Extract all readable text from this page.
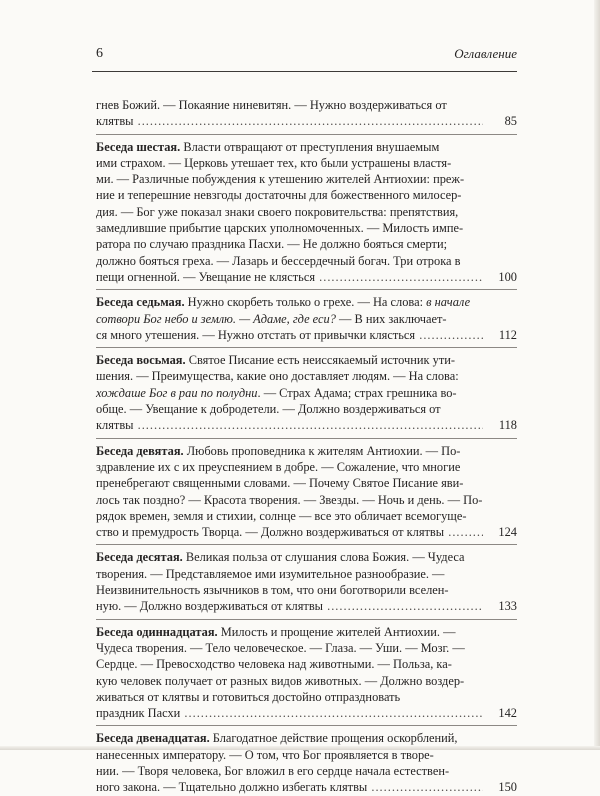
6	Оглавление
гнев Божий. — Покаяние ниневитян. — Нужно воздерживаться от
клятвы .....	85
Беседа шестая. Власти отвращают от преступления внушаемым
ими страхом. — Церковь утешает тех, кто были устрашены властя-
ми. — Различные побуждения к утешению жителей Антиохии: преж-
ние и теперешние невзгоды достаточны для божественного милосер-
дия. — Бог уже показал знаки своего покровительства: препятствия,
замедлившие прибытие царских уполномоченных. — Милость импе-
ратора по случаю праздника Пасхи. — Не должно бояться смерти;
должно бояться греха. — Лазарь и бессердечный богач. Три отрока в
пещи огненной. — Увещание не клясться .....	100
Беседа седьмая. Нужно скорбеть только о грехе. — На слова: в начале
сотвори Бог небо и землю. — Адаме, где еси? — В них заключает-
ся много утешения. — Нужно отстать от привычки клясться .....	112
Беседа восьмая. Святое Писание есть неиссякаемый источник ути-
шения. — Преимущества, какие оно доставляет людям. — На слова:
хождаше Бог в раи по полудни. — Страх Адама; страх грешника во-
обще. — Увещание к добродетели. — Должно воздерживаться от
клятвы .....	118
Беседа девятая. Любовь проповедника к жителям Антиохии. — По-
здравление их с их преуспеянием в добре. — Сожаление, что многие
пренебрегают священными словами. — Почему Святое Писание яви-
лось так поздно? — Красота творения. — Звезды. — Ночь и день. — По-
рядок времен, земля и стихии, солнце — все это обличает всемогуще-
ство и премудрость Творца. — Должно воздерживаться от клятвы .....	124
Беседа десятая. Великая польза от слушания слова Божия. — Чудеса
творения. — Представляемое ими изумительное разнообразие. —
Неизвинительность язычников в том, что они боготворили вселен-
ную. — Должно воздерживаться от клятвы .....	133
Беседа одиннадцатая. Милость и прощение жителей Антиохии. —
Чудеса творения. — Тело человеческое. — Глаза. — Уши. — Мозг. —
Сердце. — Превосходство человека над животными. — Польза, ка-
кую человек получает от разных видов животных. — Должно воздер-
живаться от клятвы и готовиться достойно отпраздновать
праздник Пасхи .....	142
Беседа двенадцатая. Благодатное действие прощения оскорблений,
нанесенных императору. — О том, что Бог проявляется в творе-
нии. — Творя человека, Бог вложил в его сердце начала естествен-
ного закона. — Тщательно должно избегать клятвы .....	150
